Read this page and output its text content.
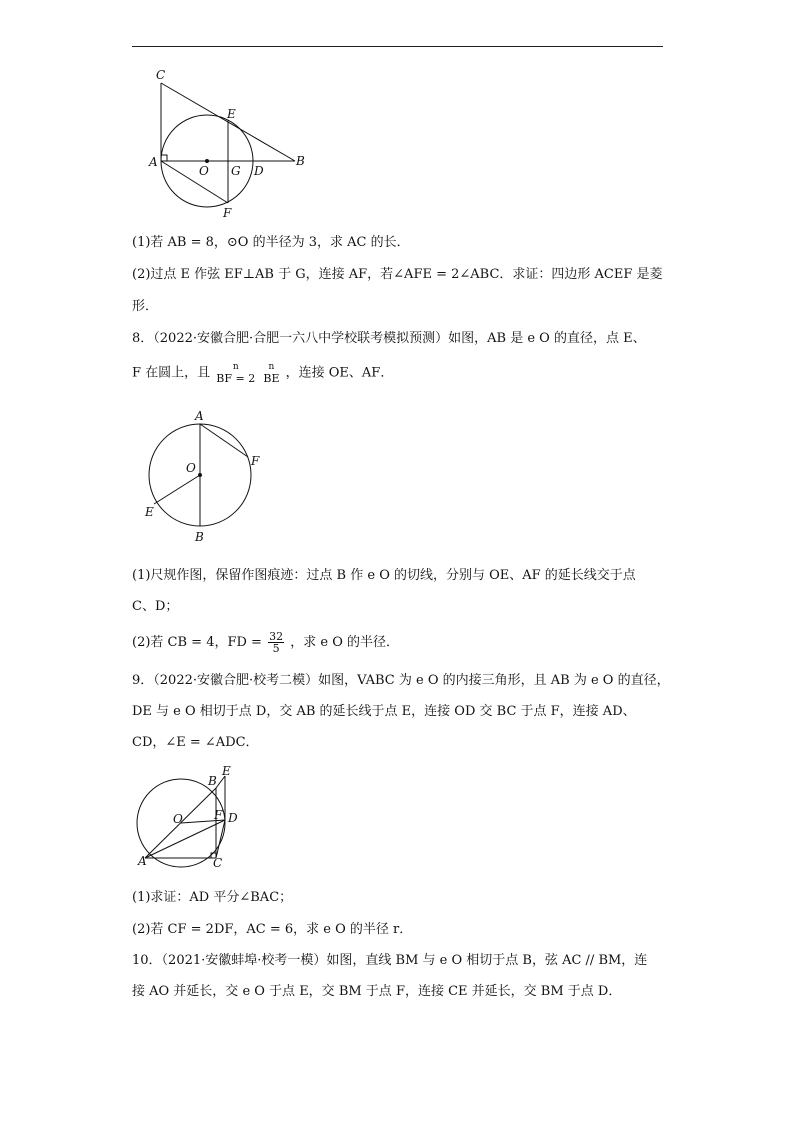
C
E
A
O G D
B
F
(1)若 AB = 8，⊙O 的半径为 3，求 AC 的长．
(2)过点 E 作弦 EF⊥AB 于 G，连接 AF，若∠AFE = 2∠ABC．求证：四边形 ACEF 是菱
形．
8．（2022·安徽合肥·合肥一六八中学校联考模拟预测）如图，AB 是 e O 的直径，点 E、
F 在圆上，且	n
BF = 2

n
BE ，连接 OE、AF．
A
O	F
E
B
(1)尺规作图，保留作图痕迹：过点 B 作 e O 的切线，分别与 OE、AF 的延长线交于点
C、D；
(2)若 CB = 4，FD = $\frac{32}{5}$ ，求 e O 的半径．
9．（2022·安徽合肥·校考二模）如图，VABC 为 e O 的内接三角形，且 AB 为 e O 的直径，
DE 与 e O 相切于点 D，交 AB 的延长线于点 E，连接 OD 交 BC 于点 F，连接 AD、
CD，∠E = ∠ADC．
B
E
O	F D
A	C
(1)求证：AD 平分∠BAC；
(2)若 CF = 2DF，AC = 6，求 e O 的半径 r．
10．（2021·安徽蚌埠·校考一模）如图，直线 BM 与 e O 相切于点 B，弦 AC // BM，连
接 AO 并延长，交 e O 于点 E，交 BM 于点 F，连接 CE 并延长，交 BM 于点 D．
